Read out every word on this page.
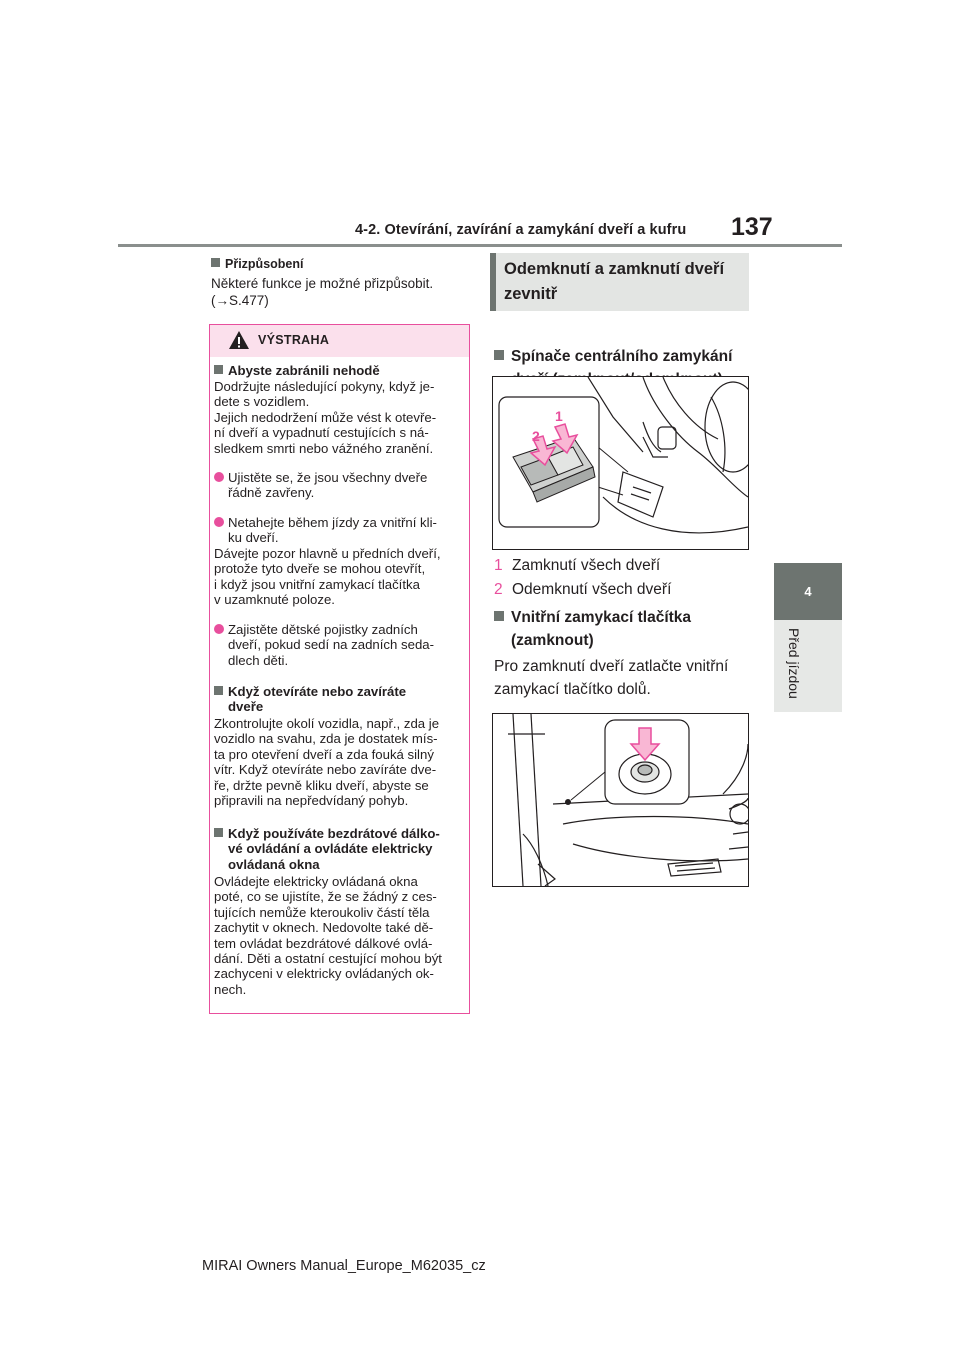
4-2. Otevírání, zavírání a zamykání dveří a kufru 137
4
Před jízdou
Přizpůsobení
Některé funkce je možné přizpůsobit.
(→S.477)
VÝSTRAHA
Abyste zabránili nehodě
Dodržujte následující pokyny, když je-
dete s vozidlem.
Jejich nedodržení může vést k otevře-
ní dveří a vypadnutí cestujících s ná-
sledkem smrti nebo vážného zranění.
Ujistěte se, že jsou všechny dveře
řádně zavřeny.
Netahejte během jízdy za vnitřní kli-
ku dveří.
Dávejte pozor hlavně u předních dveří,
protože tyto dveře se mohou otevřít,
i když jsou vnitřní zamykací tlačítka
v uzamknuté poloze.
Zajistěte dětské pojistky zadních
dveří, pokud sedí na zadních seda-
dlech děti.
Když otevíráte nebo zavíráte
dveře
Zkontrolujte okolí vozidla, např., zda je
vozidlo na svahu, zda je dostatek mís-
ta pro otevření dveří a zda fouká silný
vítr. Když otevíráte nebo zavíráte dve-
ře, držte pevně kliku dveří, abyste se
připravili na nepředvídaný pohyb.
Když používáte bezdrátové dálko-
vé ovládání a ovládáte elektricky
ovládaná okna
Ovládejte elektricky ovládaná okna
poté, co se ujistíte, že se žádný z ces-
tujících nemůže kteroukoliv částí těla
zachytit v oknech. Nedovolte také dě-
tem ovládat bezdrátové dálkové ovlá-
dání. Děti a ostatní cestující mohou být
zachyceni v elektricky ovládaných ok-
nech.
Odemknutí a zamknutí dveří
zevnitř
Spínače centrálního zamykání
1
2
1 Zamknutí všech dveří
2 Odemknutí všech dveří
Vnitřní zamykací tlačítka
(zamknout)
Pro zamknutí dveří zatlačte vnitřní
zamykací tlačítko dolů.
MIRAI Owners Manual_Europe_M62035_cz
